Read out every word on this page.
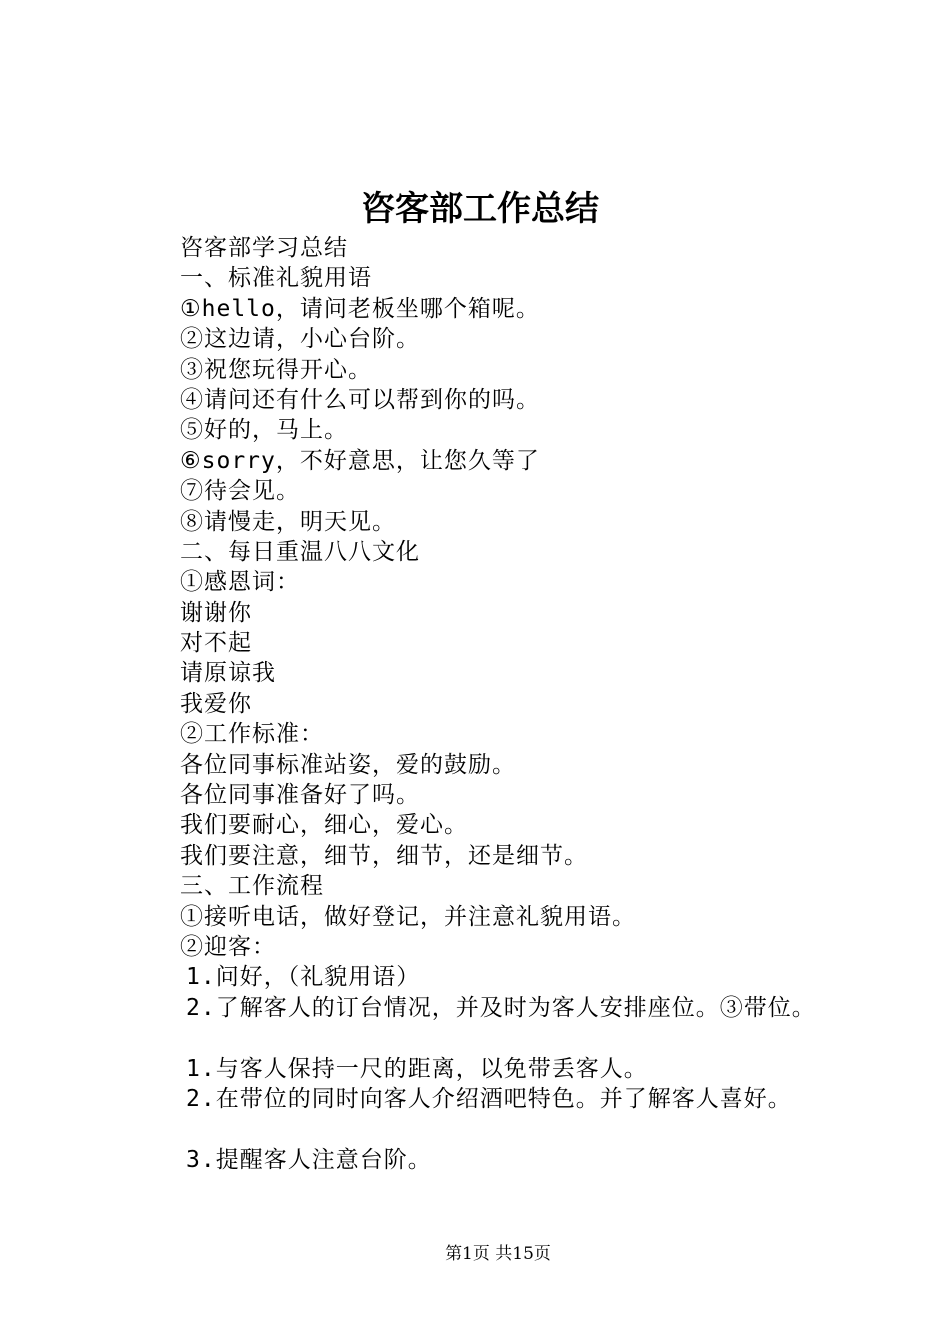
咨客部工作总结
咨客部学习总结
一、标准礼貌用语
①hello，请问老板坐哪个箱呢。
②这边请，小心台阶。
③祝您玩得开心。
④请问还有什么可以帮到你的吗。
⑤好的，马上。
⑥sorry，不好意思，让您久等了
⑦待会见。
⑧请慢走，明天见。
二、每日重温八八文化
①感恩词：
谢谢你
对不起
请原谅我
我爱你
②工作标准：
各位同事标准站姿，爱的鼓励。
各位同事准备好了吗。
我们要耐心，细心，爱心。
我们要注意，细节，细节，还是细节。
三、工作流程
①接听电话，做好登记，并注意礼貌用语。
②迎客：
1.问好，（礼貌用语）
2.了解客人的订台情况，并及时为客人安排座位。③带位。
1.与客人保持一尺的距离，以免带丢客人。
2.在带位的同时向客人介绍酒吧特色。并了解客人喜好。
3.提醒客人注意台阶。
第1页 共15页
